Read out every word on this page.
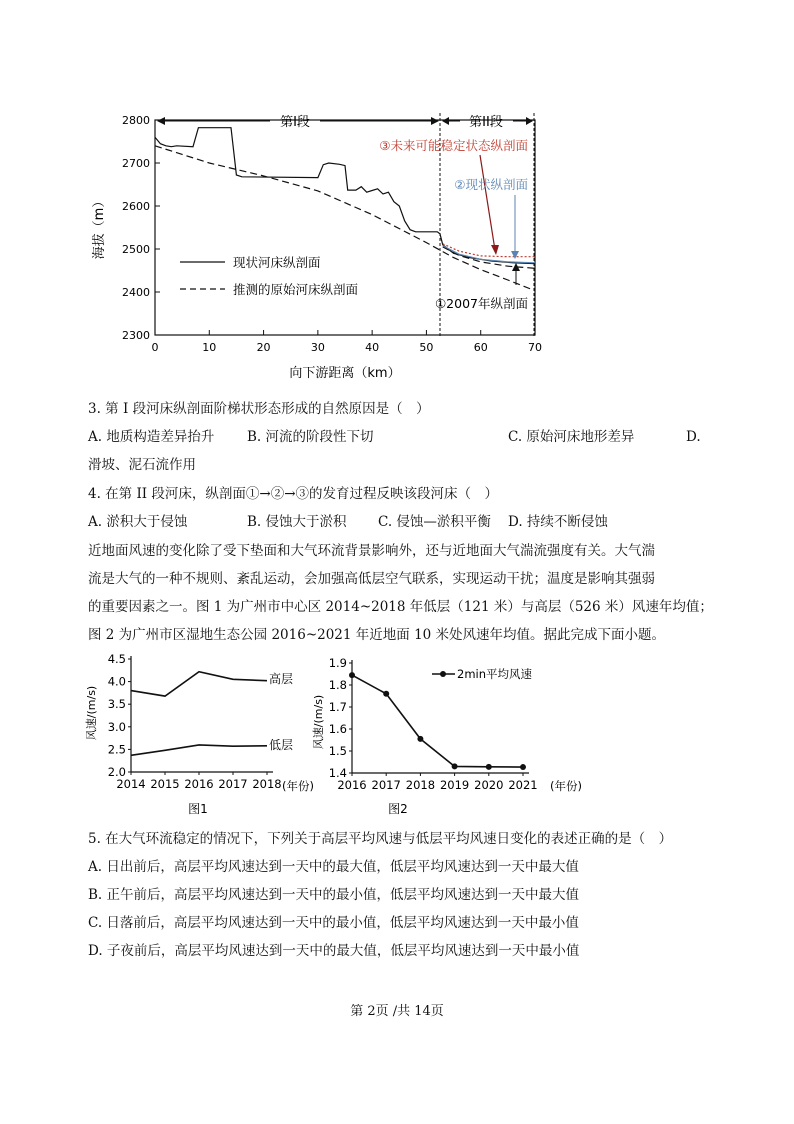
0	10	20	30	40	50	60	70
2300
2400
2500
2600
2700
2800	第I段	第II段
③未来可能稳定状态纵剖面
②现状纵剖面
①2007年纵剖面
现状河床纵剖面
推测的原始河床纵剖面
海拔（m）
向下游距离（km）
3. 第 I 段河床纵剖面阶梯状形态形成的自然原因是（　）
A. 地质构造差异抬升 B. 河流的阶段性下切	C. 原始河床地形差异	D.
滑坡、泥石流作用
4. 在第 II 段河床，纵剖面①→②→③的发育过程反映该段河床（　）
A. 淤积大于侵蚀	B. 侵蚀大于淤积 C. 侵蚀—淤积平衡 D. 持续不断侵蚀
近地面风速的变化除了受下垫面和大气环流背景影响外，还与近地面大气湍流强度有关。大气湍
流是大气的一种不规则、紊乱运动，会加强高低层空气联系，实现运动干扰；温度是影响其强弱
的重要因素之一。图 1 为广州市中心区 2014~2018 年低层（121 米）与高层（526 米）风速年均值；
图 2 为广州市区湿地生态公园 2016~2021 年近地面 10 米处风速年均值。据此完成下面小题。
2.0
2.5
3.0
3.5
4.0
4.5
2014 2015 2016 2017 2018
风速/(m/s)
高层
低层
(年份)
图1
1.4
1.5
1.6
1.7
1.8
1.9
2016 2017 2018 2019 2020 2021
2min平均风速
风速/(m/s)
(年份)
图2
5. 在大气环流稳定的情况下，下列关于高层平均风速与低层平均风速日变化的表述正确的是（　）
A. 日出前后，高层平均风速达到一天中的最大值，低层平均风速达到一天中最大值
B. 正午前后，高层平均风速达到一天中的最小值，低层平均风速达到一天中最大值
C. 日落前后，高层平均风速达到一天中的最小值，低层平均风速达到一天中最小值
D. 子夜前后，高层平均风速达到一天中的最大值，低层平均风速达到一天中最小值
第 2页 /共 14页
